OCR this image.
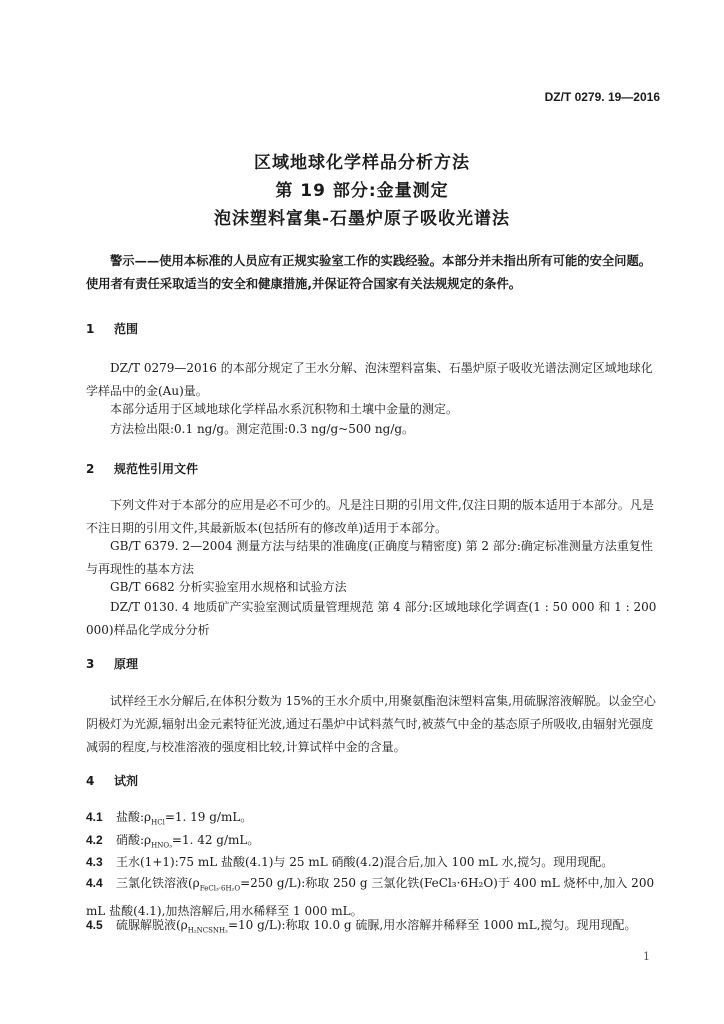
DZ/T 0279. 19—2016
区域地球化学样品分析方法
第 19 部分:金量测定
泡沫塑料富集-石墨炉原子吸收光谱法
警示——使用本标准的人员应有正规实验室工作的实践经验。本部分并未指出所有可能的安全问题。使用者有责任采取适当的安全和健康措施,并保证符合国家有关法规规定的条件。
1 范围
DZ/T 0279—2016 的本部分规定了王水分解、泡沫塑料富集、石墨炉原子吸收光谱法测定区域地球化学样品中的金(Au)量。
本部分适用于区域地球化学样品水系沉积物和土壤中金量的测定。
方法检出限:0.1 ng/g。测定范围:0.3 ng/g~500 ng/g。
2 规范性引用文件
下列文件对于本部分的应用是必不可少的。凡是注日期的引用文件,仅注日期的版本适用于本部分。凡是不注日期的引用文件,其最新版本(包括所有的修改单)适用于本部分。
GB/T 6379. 2—2004 测量方法与结果的准确度(正确度与精密度) 第 2 部分:确定标准测量方法重复性与再现性的基本方法
GB/T 6682 分析实验室用水规格和试验方法
DZ/T 0130. 4 地质矿产实验室测试质量管理规范 第 4 部分:区域地球化学调查(1 : 50 000 和 1 : 200 000)样品化学成分分析
3 原理
试样经王水分解后,在体积分数为 15%的王水介质中,用聚氨酯泡沫塑料富集,用硫脲溶液解脱。以金空心阴极灯为光源,辐射出金元素特征光波,通过石墨炉中试料蒸气时,被蒸气中金的基态原子所吸收,由辐射光强度减弱的程度,与校准溶液的强度相比较,计算试样中金的含量。
4 试剂
4.1 盐酸$:\rho_{HCl}=1$. 19 g/mL。
4.2 硝酸$:\rho_{HNO_3}=1$. 42 g/mL。
4.3 王水(1+1):75 mL 盐酸(4.1)与 25 mL 硝酸(4.2)混合后,加入 100 mL 水,搅匀。现用现配。
4.4 三氯化铁溶液($\rho_{FeCl_3\cdot 6H_2O}=250$ g/L):称取 250 g 三氯化铁(FeCl₃·6H₂O)于 400 mL 烧杯中,加入 200 mL 盐酸(4.1),加热溶解后,用水稀释至 1 000 mL。
4.5 硫脲解脱液($\rho_{H_2NCSNH_2}=10$ g/L):称取 10.0 g 硫脲,用水溶解并稀释至 1000 mL,搅匀。现用现配。
1
